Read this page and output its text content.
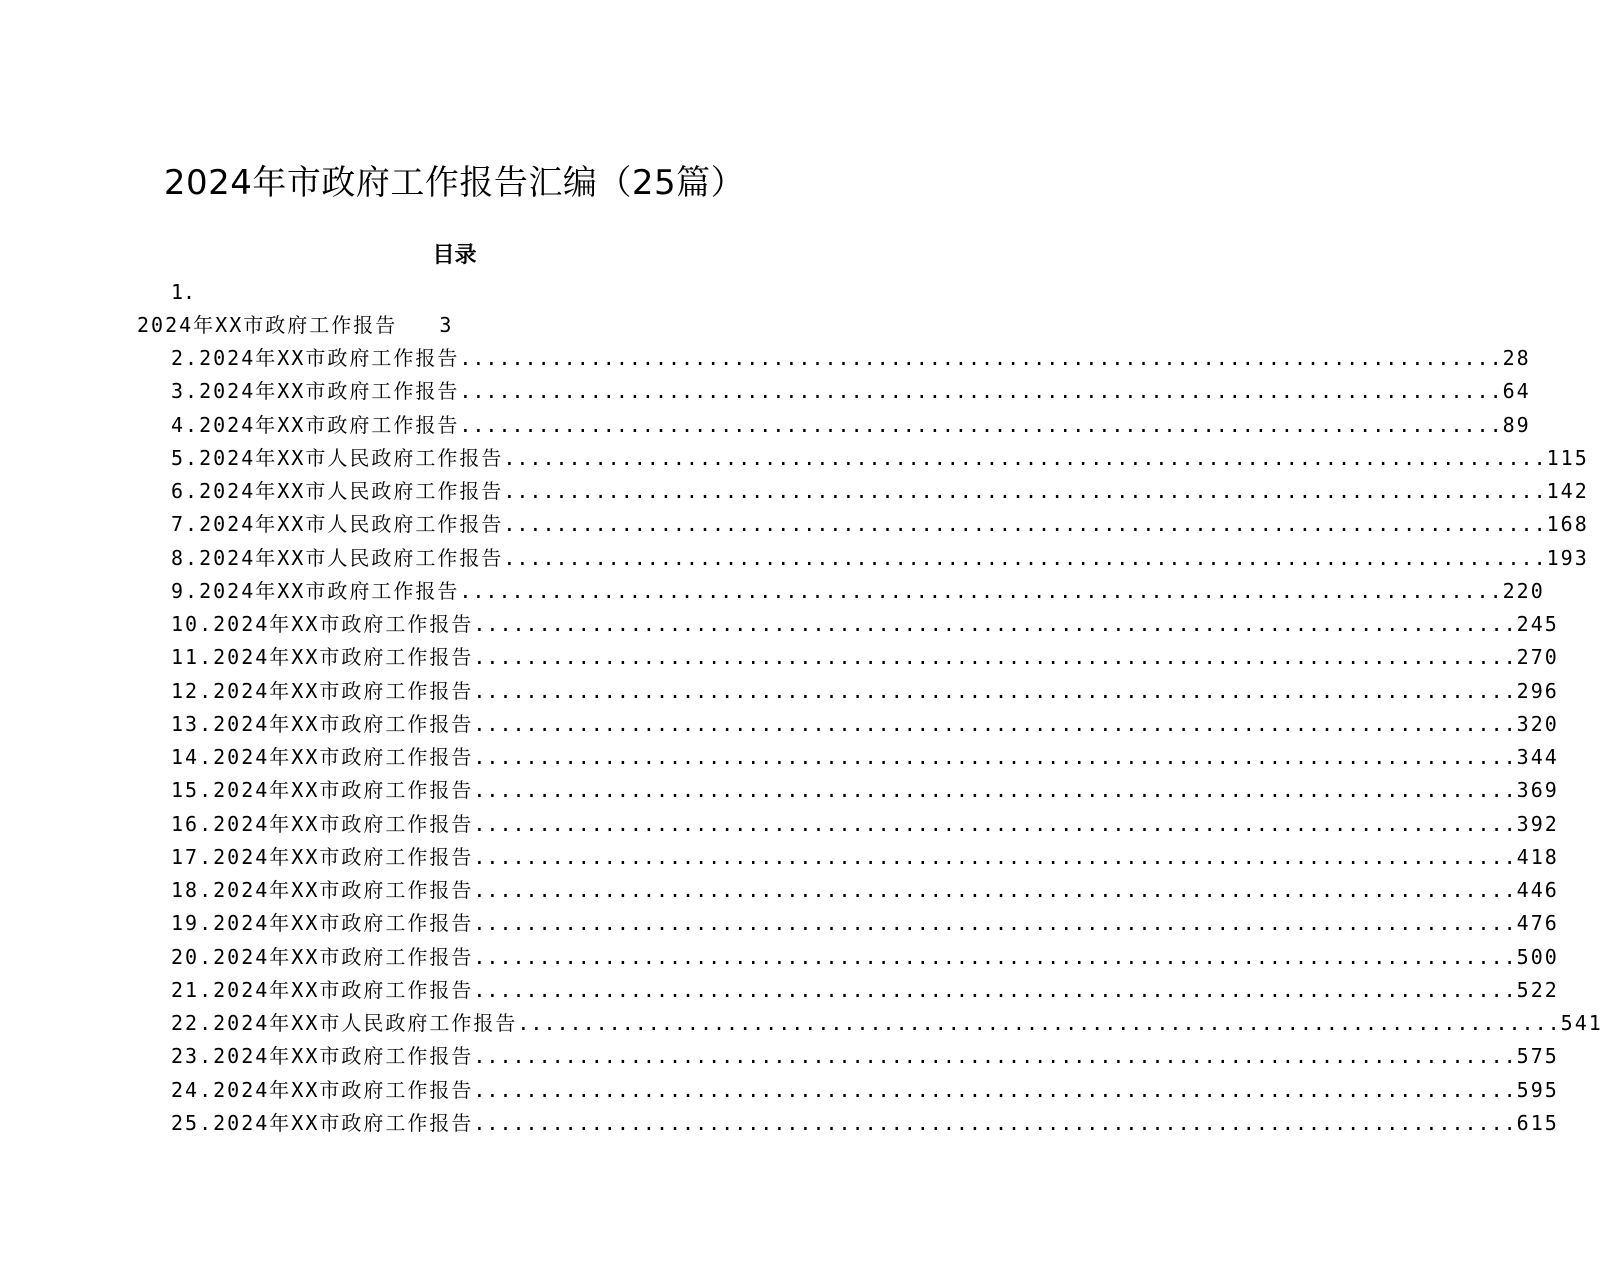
2024年市政府工作报告汇编（25篇）
目录
1.
2024年XX市政府工作报告 3
2.2024年XX市政府工作报告 ................................................................................ 28
3.2024年XX市政府工作报告 ................................................................................ 64
4.2024年XX市政府工作报告 ................................................................................ 89
5.2024年XX市人民政府工作报告 ................................................................................ 115
6.2024年XX市人民政府工作报告 ................................................................................ 142
7.2024年XX市人民政府工作报告 ................................................................................ 168
8.2024年XX市人民政府工作报告 ................................................................................ 193
9.2024年XX市政府工作报告 ................................................................................ 220
10.2024年XX市政府工作报告 ................................................................................ 245
11.2024年XX市政府工作报告 ................................................................................ 270
12.2024年XX市政府工作报告 ................................................................................ 296
13.2024年XX市政府工作报告 ................................................................................ 320
14.2024年XX市政府工作报告 ................................................................................ 344
15.2024年XX市政府工作报告 ................................................................................ 369
16.2024年XX市政府工作报告 ................................................................................ 392
17.2024年XX市政府工作报告 ................................................................................ 418
18.2024年XX市政府工作报告 ................................................................................ 446
19.2024年XX市政府工作报告 ................................................................................ 476
20.2024年XX市政府工作报告 ................................................................................ 500
21.2024年XX市政府工作报告 ................................................................................ 522
22.2024年XX市人民政府工作报告 ................................................................................ 541
23.2024年XX市政府工作报告 ................................................................................ 575
24.2024年XX市政府工作报告 ................................................................................ 595
25.2024年XX市政府工作报告 ................................................................................ 615
